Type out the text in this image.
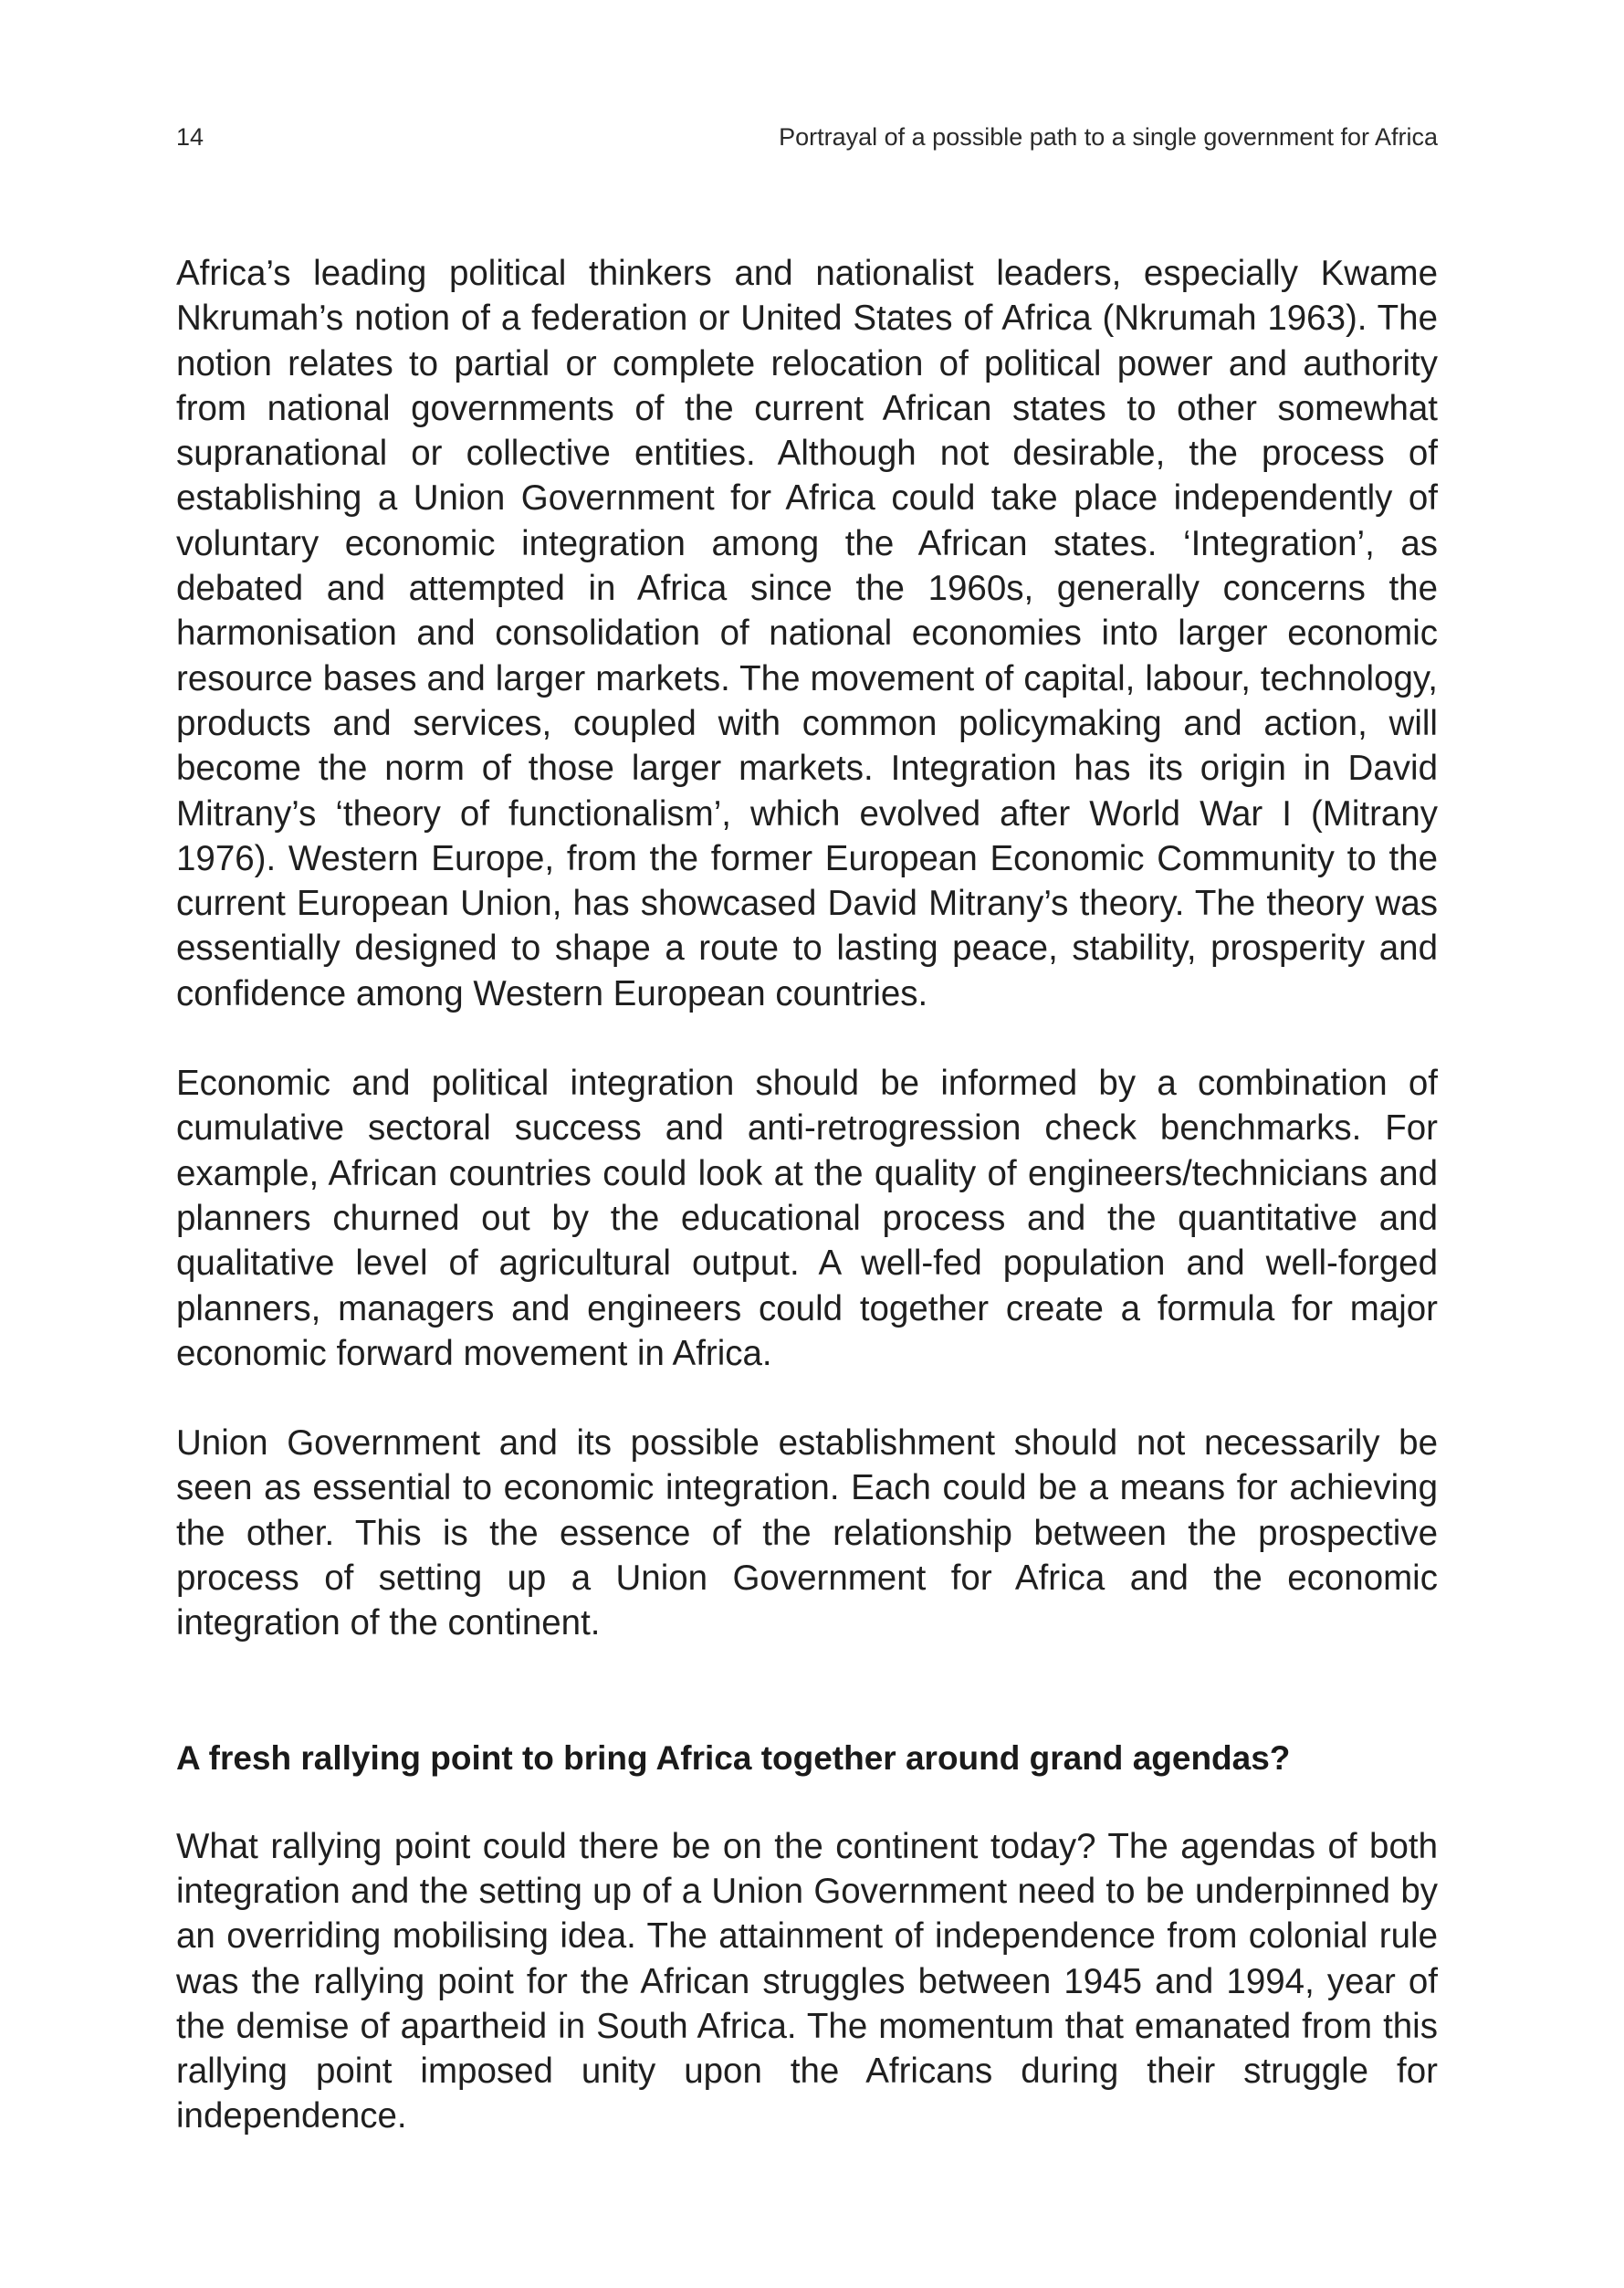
14	Portrayal of a possible path to a single government for Africa

Africa’s leading political thinkers and nationalist leaders, especially Kwame Nkrumah’s notion of a federation or United States of Africa (Nkrumah 1963). The notion relates to partial or complete relocation of political power and authority from national governments of the current African states to other somewhat supranational or collective entities. Although not desirable, the process of establishing a Union Government for Africa could take place independently of voluntary economic integration among the African states. ‘Integration’, as debated and attempted in Africa since the 1960s, generally concerns the harmonisation and consolidation of national economies into larger economic resource bases and larger markets. The movement of capital, labour, technology, products and services, coupled with common policymaking and action, will become the norm of those larger markets. Integration has its origin in David Mitrany’s ‘theory of functionalism’, which evolved after World War I (Mitrany 1976). Western Europe, from the former European Economic Community to the current European Union, has showcased David Mitrany’s theory. The theory was essentially designed to shape a route to lasting peace, stability, prosperity and confidence among Western European countries.

Economic and political integration should be informed by a combination of cumulative sectoral success and anti-retrogression check benchmarks. For example, African countries could look at the quality of engineers/technicians and planners churned out by the educational process and the quantitative and qualitative level of agricultural output. A well-fed population and well-forged planners, managers and engineers could together create a formula for major economic forward movement in Africa.

Union Government and its possible establishment should not necessarily be seen as essential to economic integration. Each could be a means for achieving the other. This is the essence of the relationship between the prospective process of setting up a Union Government for Africa and the economic integration of the continent.

A fresh rallying point to bring Africa together around grand agendas?

What rallying point could there be on the continent today? The agendas of both integration and the setting up of a Union Government need to be underpinned by an overriding mobilising idea. The attainment of independence from colonial rule was the rallying point for the African struggles between 1945 and 1994, year of the demise of apartheid in South Africa. The momentum that emanated from this rallying point imposed unity upon the Africans during their struggle for independence.
